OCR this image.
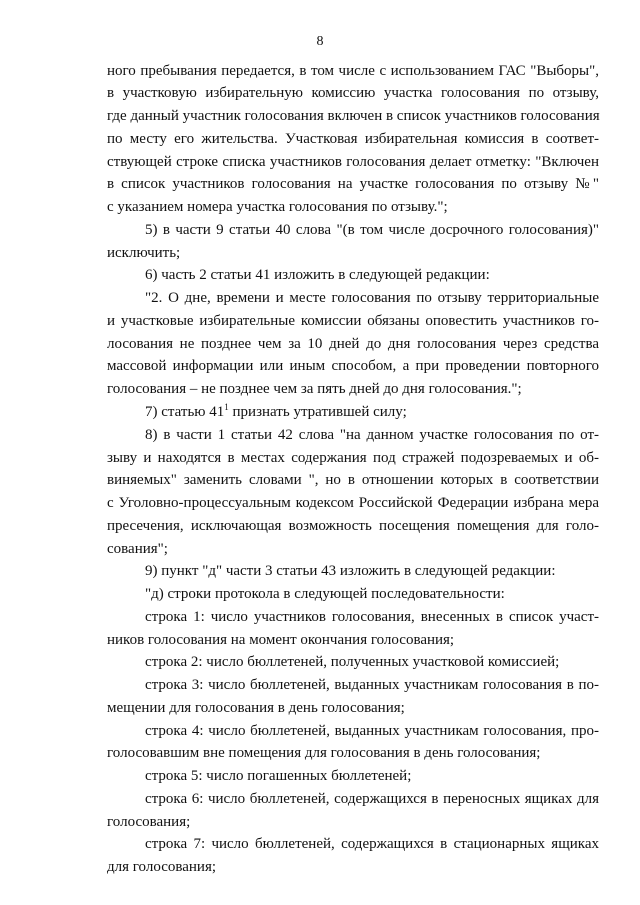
8
ного пребывания передается, в том числе с использованием ГАС "Выборы",
в участковую избирательную комиссию участка голосования по отзыву,
где данный участник голосования включен в список участников голосования
по месту его жительства. Участковая избирательная комиссия в соответ-
ствующей строке списка участников голосования делает отметку: "Включен
в список участников голосования на участке голосования по отзыву №"
с указанием номера участка голосования по отзыву.";
5) в части 9 статьи 40 слова "(в том числе досрочного голосования)"
исключить;
6) часть 2 статьи 41 изложить в следующей редакции:
"2. О дне, времени и месте голосования по отзыву территориальные
и участковые избирательные комиссии обязаны оповестить участников го-
лосования не позднее чем за 10 дней до дня голосования через средства
массовой информации или иным способом, а при проведении повторного
голосования – не позднее чем за пять дней до дня голосования.";
7) статью $41^1$ признать утратившей силу;
8) в части 1 статьи 42 слова "на данном участке голосования по от-
зыву и находятся в местах содержания под стражей подозреваемых и об-
виняемых" заменить словами ", но в отношении которых в соответствии
с Уголовно-процессуальным кодексом Российской Федерации избрана мера
пресечения, исключающая возможность посещения помещения для голо-
сования";
9) пункт "д" части 3 статьи 43 изложить в следующей редакции:
"д) строки протокола в следующей последовательности:
строка 1: число участников голосования, внесенных в список участ-
ников голосования на момент окончания голосования;
строка 2: число бюллетеней, полученных участковой комиссией;
строка 3: число бюллетеней, выданных участникам голосования в по-
мещении для голосования в день голосования;
строка 4: число бюллетеней, выданных участникам голосования, про-
голосовавшим вне помещения для голосования в день голосования;
строка 5: число погашенных бюллетеней;
строка 6: число бюллетеней, содержащихся в переносных ящиках для
голосования;
строка 7: число бюллетеней, содержащихся в стационарных ящиках
для голосования;
